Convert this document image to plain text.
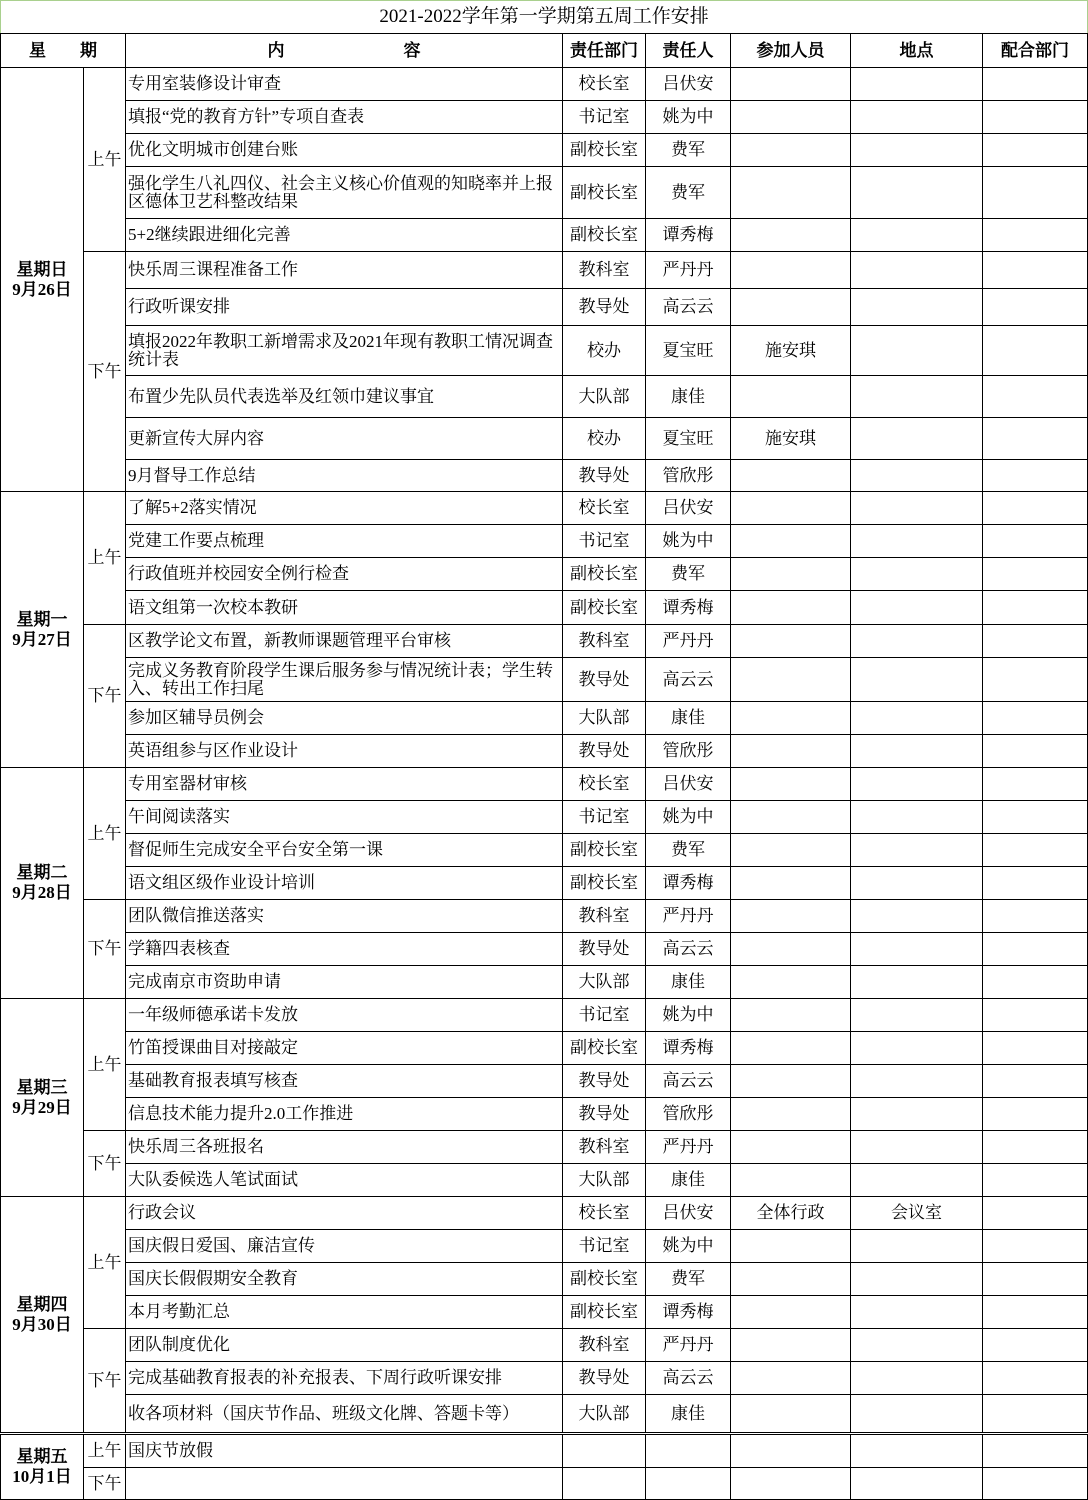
2021-2022学年第一学期第五周工作安排							
星　　期		内　　　　　　　容	责任部门	责任人	参加人员	地点	配合部门

星期日
9月26日	上午	专用室装修设计审查	校长室	吕伏安			
		填报“党的教育方针”专项自查表	书记室	姚为中			
		优化文明城市创建台账	副校长室	费军			
		强化学生八礼四仪、社会主义核心价值观的知晓率并上报区德体卫艺科整改结果	副校长室	费军			
		5+2继续跟进细化完善	副校长室	谭秀梅			
	下午	快乐周三课程准备工作	教科室	严丹丹			
		行政听课安排	教导处	高云云			
		填报2022年教职工新增需求及2021年现有教职工情况调查统计表	校办	夏宝旺	施安琪		
		布置少先队员代表选举及红领巾建议事宜	大队部	康佳			
		更新宣传大屏内容	校办	夏宝旺	施安琪		
		9月督导工作总结	教导处	管欣彤			

星期一
9月27日	上午	了解5+2落实情况	校长室	吕伏安			
		党建工作要点梳理	书记室	姚为中			
		行政值班并校园安全例行检查	副校长室	费军			
		语文组第一次校本教研	副校长室	谭秀梅			
	下午	区教学论文布置，新教师课题管理平台审核	教科室	严丹丹			
		完成义务教育阶段学生课后服务参与情况统计表；学生转入、转出工作扫尾	教导处	高云云			
		参加区辅导员例会	大队部	康佳			
		英语组参与区作业设计	教导处	管欣彤			

星期二
9月28日	上午	专用室器材审核	校长室	吕伏安			
		午间阅读落实	书记室	姚为中			
		督促师生完成安全平台安全第一课	副校长室	费军			
		语文组区级作业设计培训	副校长室	谭秀梅			
	下午	团队微信推送落实	教科室	严丹丹			
		学籍四表核查	教导处	高云云			
		完成南京市资助申请	大队部	康佳			

星期三
9月29日	上午	一年级师德承诺卡发放	书记室	姚为中			
		竹笛授课曲目对接敲定	副校长室	谭秀梅			
		基础教育报表填写核查	教导处	高云云			
		信息技术能力提升2.0工作推进	教导处	管欣彤			
	下午	快乐周三各班报名	教科室	严丹丹			
		大队委候选人笔试面试	大队部	康佳			

星期四
9月30日	上午	行政会议	校长室	吕伏安	全体行政	会议室	
		国庆假日爱国、廉洁宣传	书记室	姚为中			
		国庆长假假期安全教育	副校长室	费军			
		本月考勤汇总	副校长室	谭秀梅			
	下午	团队制度优化	教科室	严丹丹			
		完成基础教育报表的补充报表、下周行政听课安排	教导处	高云云			
		收各项材料（国庆节作品、班级文化牌、答题卡等）	大队部	康佳			

星期五
10月1日	上午	国庆节放假					
	下午						
